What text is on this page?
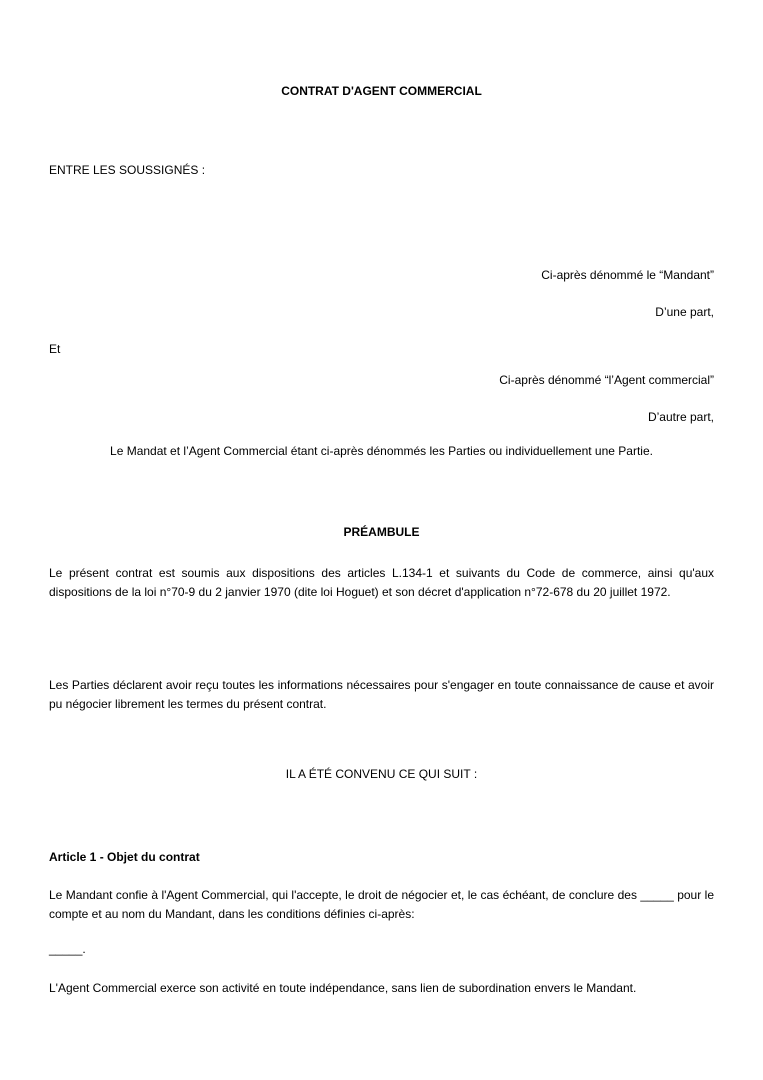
CONTRAT D'AGENT COMMERCIAL

ENTRE LES SOUSSIGNÉS :

Ci-après dénommé le “Mandant”

D’une part,

Et

Ci-après dénommé “l’Agent commercial”

D’autre part,

Le Mandat et l’Agent Commercial étant ci-après dénommés les Parties ou individuellement une Partie.

PRÉAMBULE

Le présent contrat est soumis aux dispositions des articles L.134-1 et suivants du Code de commerce, ainsi qu'aux dispositions de la loi n°70-9 du 2 janvier 1970 (dite loi Hoguet) et son décret d'application n°72-678 du 20 juillet 1972.

Les Parties déclarent avoir reçu toutes les informations nécessaires pour s'engager en toute connaissance de cause et avoir pu négocier librement les termes du présent contrat.

IL A ÉTÉ CONVENU CE QUI SUIT :

Article 1 - Objet du contrat

Le Mandant confie à l'Agent Commercial, qui l'accepte, le droit de négocier et, le cas échéant, de conclure des _____ pour le compte et au nom du Mandant, dans les conditions définies ci-après:

_____.

L'Agent Commercial exerce son activité en toute indépendance, sans lien de subordination envers le Mandant.
